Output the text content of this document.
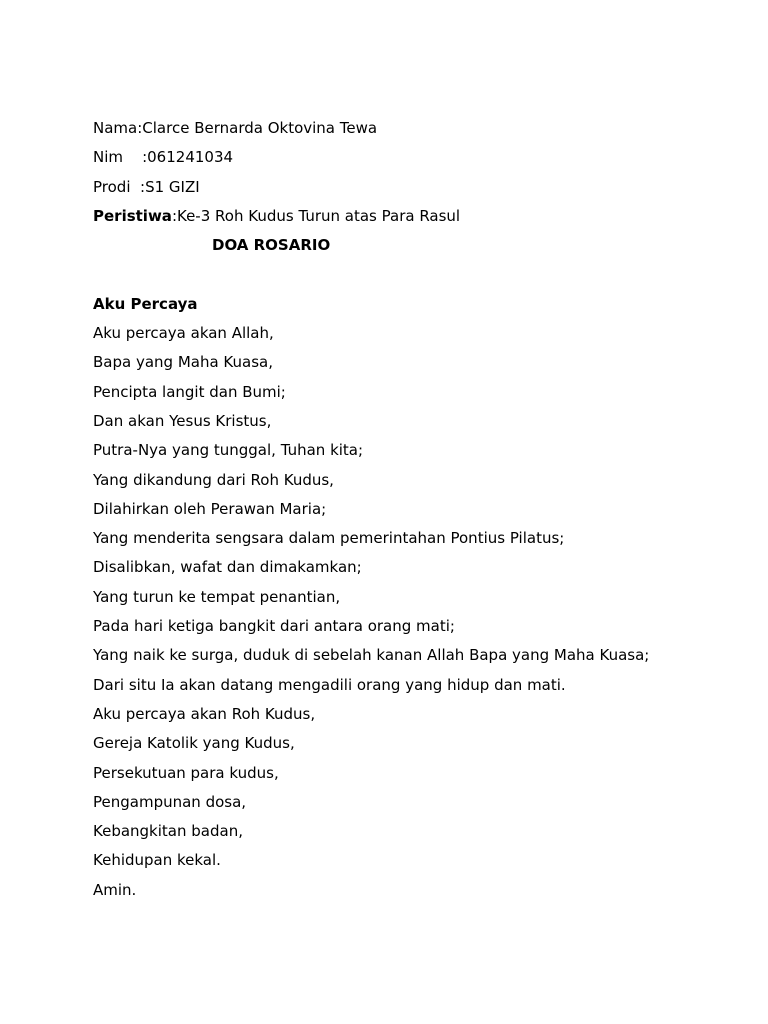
Nama:Clarce Bernarda Oktovina Tewa
Nim    :061241034
Prodi  :S1 GIZI
Peristiwa:Ke-3 Roh Kudus Turun atas Para Rasul
DOA ROSARIO
Aku Percaya
Aku percaya akan Allah,
Bapa yang Maha Kuasa,
Pencipta langit dan Bumi;
Dan akan Yesus Kristus,
Putra-Nya yang tunggal, Tuhan kita;
Yang dikandung dari Roh Kudus,
Dilahirkan oleh Perawan Maria;
Yang menderita sengsara dalam pemerintahan Pontius Pilatus;
Disalibkan, wafat dan dimakamkan;
Yang turun ke tempat penantian,
Pada hari ketiga bangkit dari antara orang mati;
Yang naik ke surga, duduk di sebelah kanan Allah Bapa yang Maha Kuasa;
Dari situ Ia akan datang mengadili orang yang hidup dan mati.
Aku percaya akan Roh Kudus,
Gereja Katolik yang Kudus,
Persekutuan para kudus,
Pengampunan dosa,
Kebangkitan badan,
Kehidupan kekal.
Amin.
